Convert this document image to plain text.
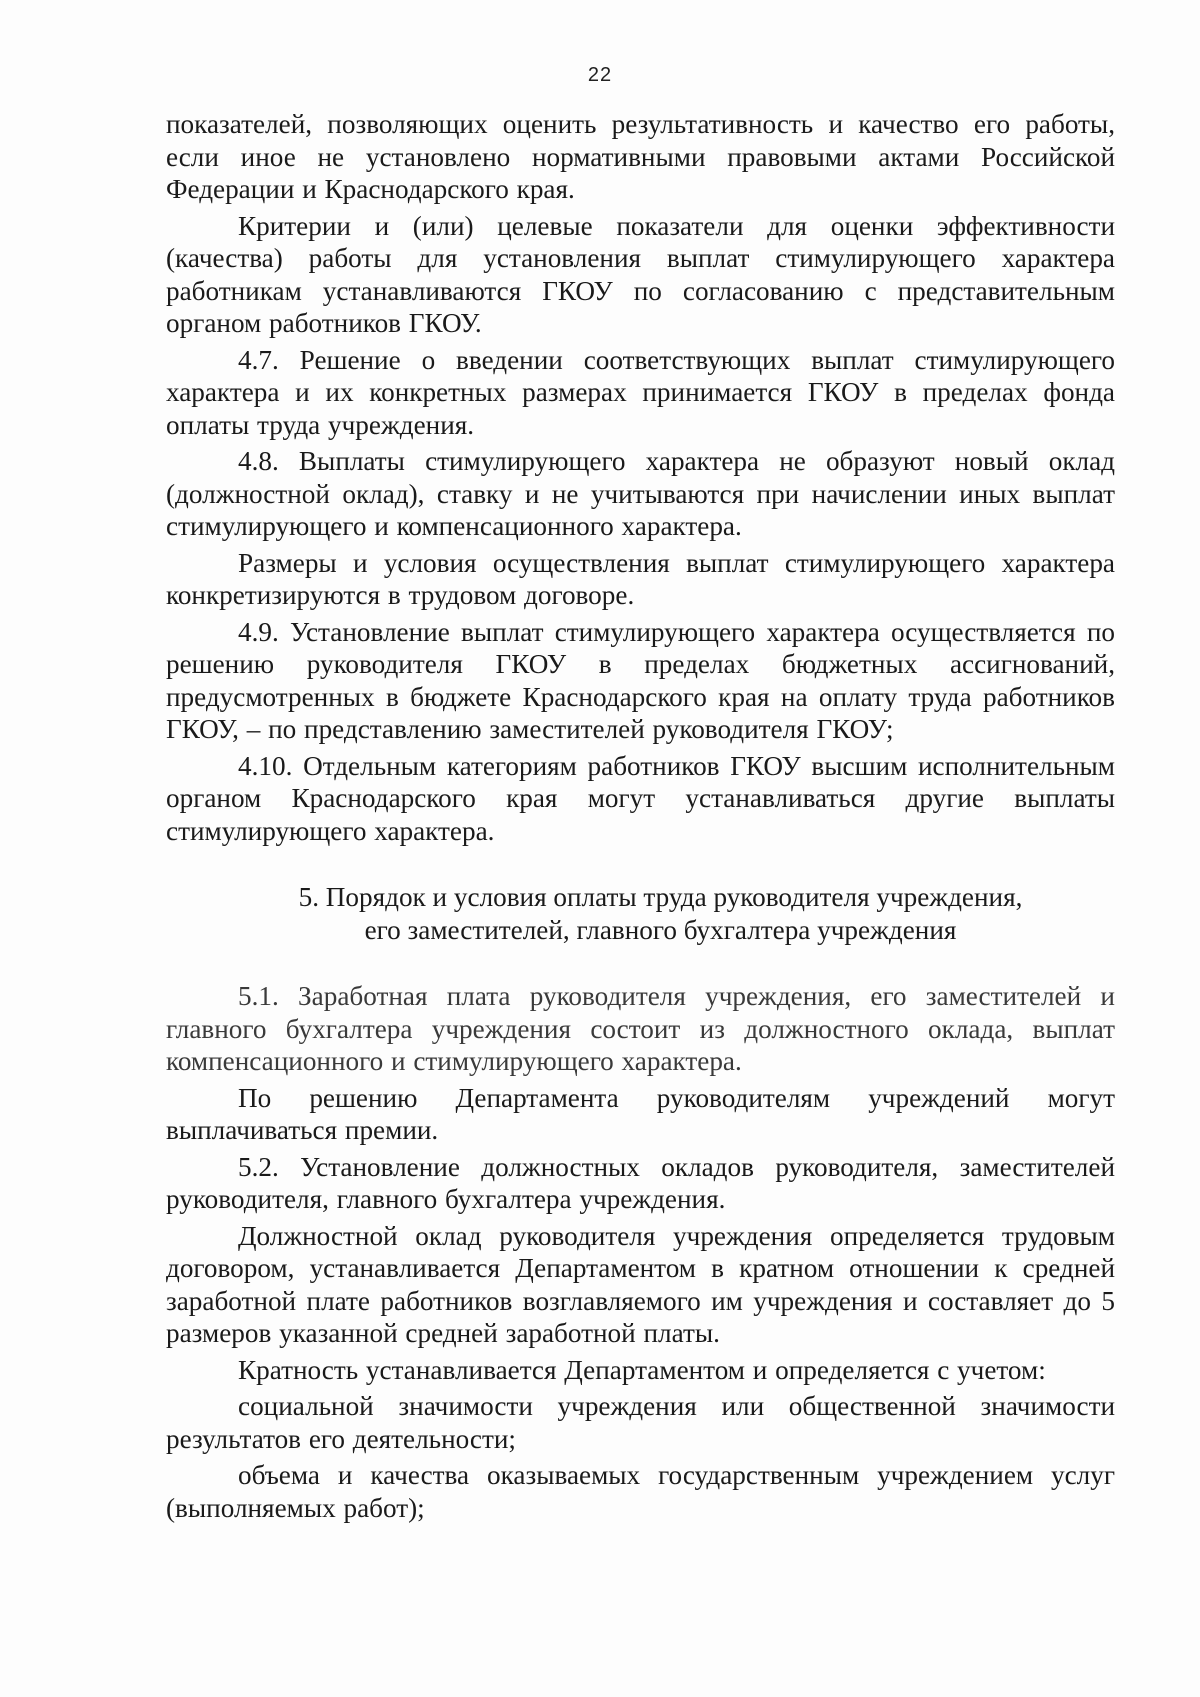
22

показателей, позволяющих оценить результативность и качество его работы, если иное не установлено нормативными правовыми актами Российской Федерации и Краснодарского края.

Критерии и (или) целевые показатели для оценки эффективности (качества) работы для установления выплат стимулирующего характера работникам устанавливаются ГКОУ по согласованию с представительным органом работников ГКОУ.

4.7. Решение о введении соответствующих выплат стимулирующего характера и их конкретных размерах принимается ГКОУ в пределах фонда оплаты труда учреждения.

4.8. Выплаты стимулирующего характера не образуют новый оклад (должностной оклад), ставку и не учитываются при начислении иных выплат стимулирующего и компенсационного характера.

Размеры и условия осуществления выплат стимулирующего характера конкретизируются в трудовом договоре.

4.9. Установление выплат стимулирующего характера осуществляется по решению руководителя ГКОУ в пределах бюджетных ассигнований, предусмотренных в бюджете Краснодарского края на оплату труда работников ГКОУ, – по представлению заместителей руководителя ГКОУ;

4.10. Отдельным категориям работников ГКОУ высшим исполнительным органом Краснодарского края могут устанавливаться другие выплаты стимулирующего характера.

5. Порядок и условия оплаты труда руководителя учреждения,
его заместителей, главного бухгалтера учреждения

5.1. Заработная плата руководителя учреждения, его заместителей и главного бухгалтера учреждения состоит из должностного оклада, выплат компенсационного и стимулирующего характера.

По решению Департамента руководителям учреждений могут выплачиваться премии.

5.2. Установление должностных окладов руководителя, заместителей руководителя, главного бухгалтера учреждения.

Должностной оклад руководителя учреждения определяется трудовым договором, устанавливается Департаментом в кратном отношении к средней заработной плате работников возглавляемого им учреждения и составляет до 5 размеров указанной средней заработной платы.

Кратность устанавливается Департаментом и определяется с учетом:

социальной значимости учреждения или общественной значимости результатов его деятельности;

объема и качества оказываемых государственным учреждением услуг (выполняемых работ);
